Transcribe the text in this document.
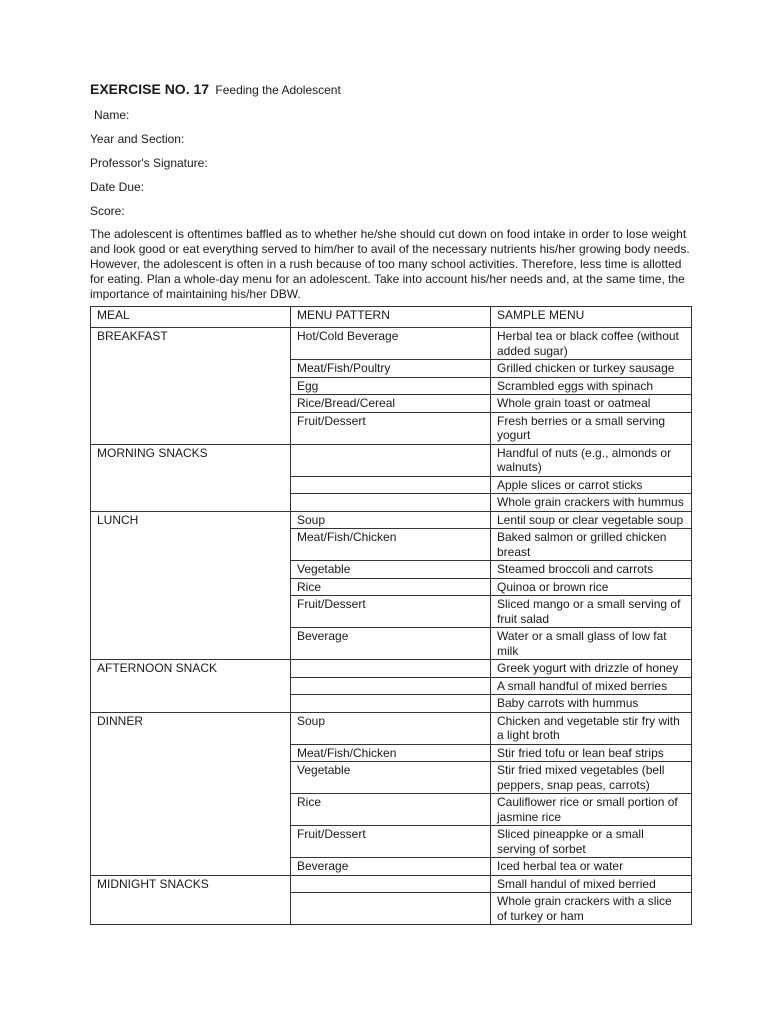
EXERCISE NO. 17 Feeding the Adolescent
Name:
Year and Section:
Professor's Signature:
Date Due:
Score:
The adolescent is oftentimes baffled as to whether he/she should cut down on food intake in order to lose weight and look good or eat everything served to him/her to avail of the necessary nutrients his/her growing body needs. However, the adolescent is often in a rush because of too many school activities. Therefore, less time is allotted for eating. Plan a whole-day menu for an adolescent. Take into account his/her needs and, at the same time, the importance of maintaining his/her DBW.
MEAL	MENU PATTERN	SAMPLE MENU
BREAKFAST	Hot/Cold Beverage	Herbal tea or black coffee (without added sugar)
	Meat/Fish/Poultry	Grilled chicken or turkey sausage
	Egg	Scrambled eggs with spinach
	Rice/Bread/Cereal	Whole grain toast or oatmeal
	Fruit/Dessert	Fresh berries or a small serving yogurt
MORNING SNACKS		Handful of nuts (e.g., almonds or walnuts)
		Apple slices or carrot sticks
		Whole grain crackers with hummus
LUNCH	Soup	Lentil soup or clear vegetable soup
	Meat/Fish/Chicken	Baked salmon or grilled chicken breast
	Vegetable	Steamed broccoli and carrots
	Rice	Quinoa or brown rice
	Fruit/Dessert	Sliced mango or a small serving of fruit salad
	Beverage	Water or a small glass of low fat milk
AFTERNOON SNACK		Greek yogurt with drizzle of honey
		A small handful of mixed berries
		Baby carrots with hummus
DINNER	Soup	Chicken and vegetable stir fry with a light broth
	Meat/Fish/Chicken	Stir fried tofu or lean beaf strips
	Vegetable	Stir fried mixed vegetables (bell peppers, snap peas, carrots)
	Rice	Cauliflower rice or small portion of jasmine rice
	Fruit/Dessert	Sliced pineappke or a small serving of sorbet
	Beverage	Iced herbal tea or water
MIDNIGHT SNACKS		Small handul of mixed berried
		Whole grain crackers with a slice of turkey or ham
